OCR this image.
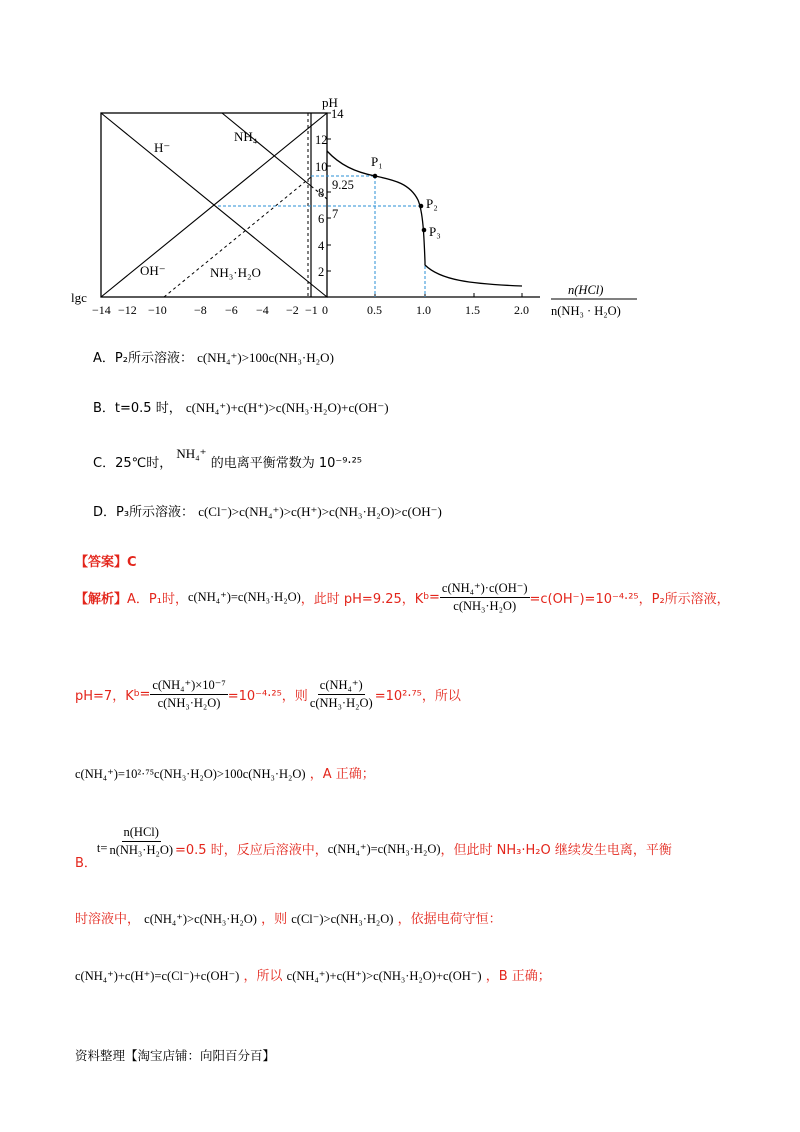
pH
14
12
10
8
6
4
2
9.25
7
H⁻
NH₄
OH⁻	NH₃·H₂O
P₁
P₂
P₃
lgc
−14 −12 −10 −8 −6 −4 −2 −1 0	0.5	1.0	1.5	2.0
n(HCl)
n(NH₃ · H₂O)
A．P₂所示溶液： c(NH₄⁺)>100c(NH₃·H₂O)
B．t=0.5 时， c(NH₄⁺)+c(H⁺)>c(NH₃·H₂O)+c(OH⁻)
C．25℃时， NH₄⁺ 的电离平衡常数为 10⁻⁹·²⁵
D．P₃所示溶液： c(Cl⁻)>c(NH₄⁺)>c(H⁺)>c(NH₃·H₂O)>c(OH⁻)
【答案】C
【解析】 A．P₁时， c(NH₄⁺)=c(NH₃·H₂O) ，此时 pH=9.25，K $b = \frac{\text{c(NH₄⁺)·c(OH⁻)}}{\text{c(NH₃·H₂O)}} =c(OH^-)=10^{-4}\cdot^{25}$，P₂所示溶液，
pH=7，K $b = \frac{\text{c(NH₄⁺)×10⁻⁷}}{\text{c(NH₃·H₂O)}} =10^{-4}\cdot^{25}$，则 $\frac{\text{c(NH₄⁺)}}{\text{c(NH₃·H₂O)}} =10^2\cdot^{75}$，所以
c(NH₄⁺)=10²·⁷⁵c(NH₃·H₂O)>100c(NH₃·H₂O) ，A 正确；
B．
$t= \frac{\text{n(HCl)}}{\text{n(NH₃·H₂O)}} =0.5$ 时，反应后溶液中， c(NH₄⁺)=c(NH₃·H₂O) ，但此时 NH₃·H₂O 继续发生电离，平衡
时溶液中， c(NH₄⁺)>c(NH₃·H₂O) ，则 c(Cl⁻)>c(NH₃·H₂O) ，依据电荷守恒：
c(NH₄⁺)+c(H⁺)=c(Cl⁻)+c(OH⁻) ，所以 c(NH₄⁺)+c(H⁺)>c(NH₃·H₂O)+c(OH⁻) ，B 正确；
资料整理【淘宝店铺：向阳百分百】
